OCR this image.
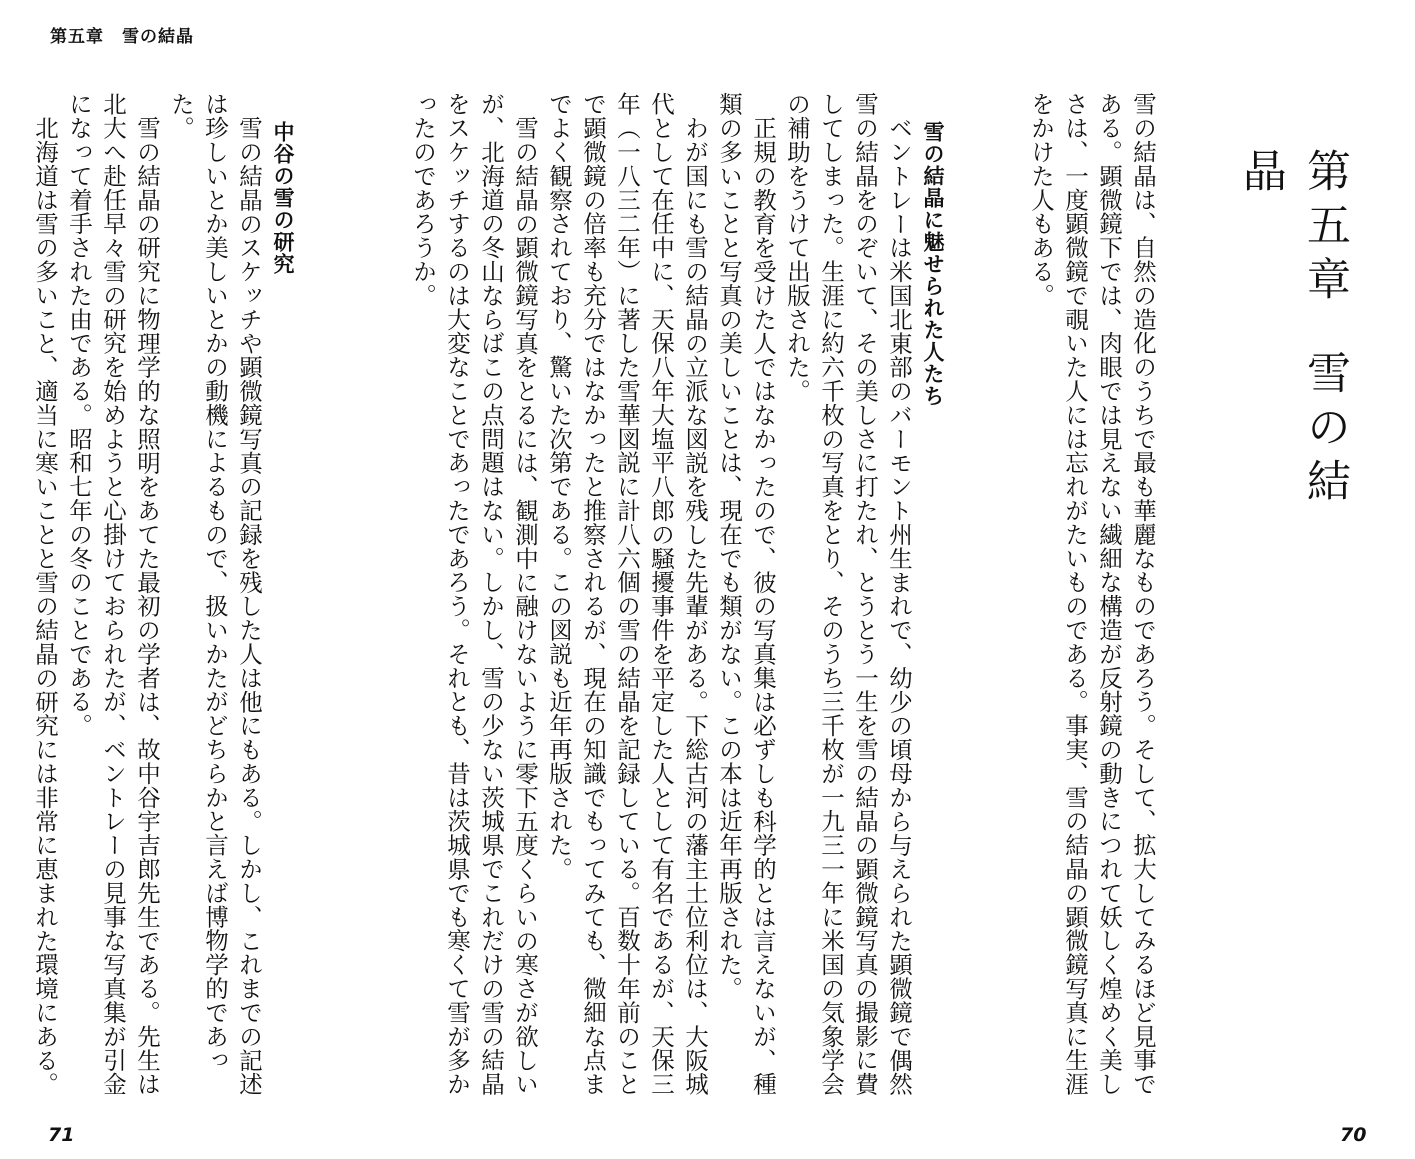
第五章　雪の結晶
第五章 雪の結晶

雪の結晶は、自然の造化のうちで最も華麗なものであろう。そして、拡大してみるほど見事である。顕微鏡下では、肉眼では見えない繊細な構造が反射鏡の動きにつれて妖しく煌めく美しさは、一度顕微鏡で覗いた人には忘れがたいものである。事実、雪の結晶の顕微鏡写真に生涯をかけた人もある。

雪の結晶に魅せられた人たち

ベントレーは米国北東部のバーモント州生まれで、幼少の頃母から与えられた顕微鏡で偶然雪の結晶をのぞいて、その美しさに打たれ、とうとう一生を雪の結晶の顕微鏡写真の撮影に費してしまった。生涯に約六千枚の写真をとり、そのうち三千枚が一九三一年に米国の気象学会の補助をうけて出版された。

正規の教育を受けた人ではなかったので、彼の写真集は必ずしも科学的とは言えないが、種類の多いことと写真の美しいことは、現在でも類がない。この本は近年再版された。

わが国にも雪の結晶の立派な図説を残した先輩がある。下総古河の藩主土位利位は、大阪城代として在任中に、天保八年大塩平八郎の騒擾事件を平定した人として有名であるが、天保三年（一八三二年）に著した雪華図説に計八六個の雪の結晶を記録している。百数十年前のことで顕微鏡の倍率も充分ではなかったと推察されるが、現在の知識でもってみても、微細な点までよく観察されており、驚いた次第である。この図説も近年再版された。

雪の結晶の顕微鏡写真をとるには、観測中に融けないように零下五度くらいの寒さが欲しいが、北海道の冬山ならばこの点問題はない。しかし、雪の少ない茨城県でこれだけの雪の結晶をスケッチするのは大変なことであったであろう。それとも、昔は茨城県でも寒くて雪が多かったのであろうか。

中谷の雪の研究

雪の結晶のスケッチや顕微鏡写真の記録を残した人は他にもある。しかし、これまでの記述は珍しいとか美しいとかの動機によるもので、扱いかたがどちらかと言えば博物学的であった。

雪の結晶の研究に物理学的な照明をあてた最初の学者は、故中谷宇吉郎先生である。先生は北大へ赴任早々雪の研究を始めようと心掛けておられたが、ベントレーの見事な写真集が引金になって着手された由である。昭和七年の冬のことである。

北海道は雪の多いこと、適当に寒いことと雪の結晶の研究には非常に恵まれた環境にある。

71	70
